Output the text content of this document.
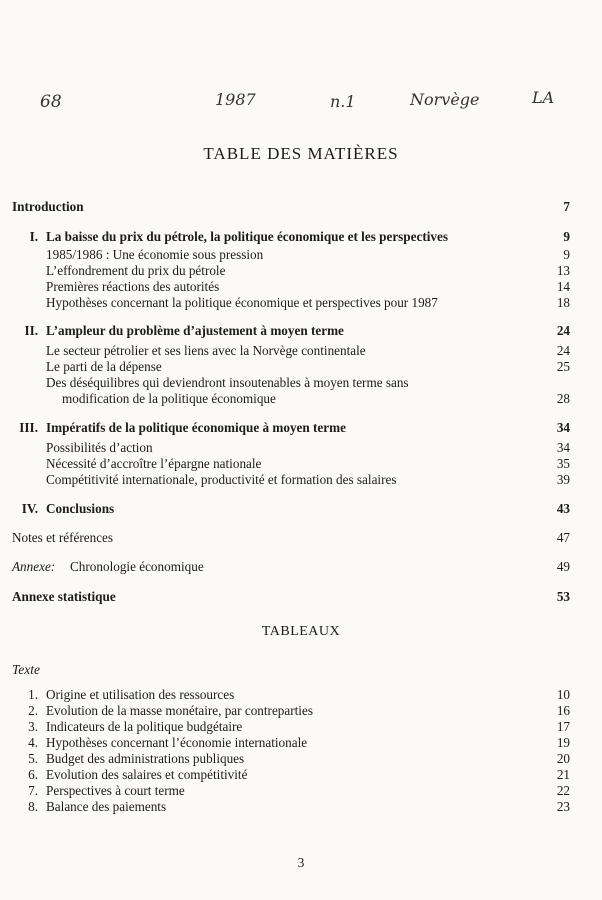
68	1987	n.1	Norvège	LA
TABLE DES MATIÈRES
Introduction	7
I. La baisse du prix du pétrole, la politique économique et les perspectives	9
1985/1986 : Une économie sous pression	9
L’effondrement du prix du pétrole	13
Premières réactions des autorités	14
Hypothèses concernant la politique économique et perspectives pour 1987	18
II. L’ampleur du problème d’ajustement à moyen terme	24
Le secteur pétrolier et ses liens avec la Norvège continentale	24
Le parti de la dépense	25
Des déséquilibres qui deviendront insoutenables à moyen terme sans
modification de la politique économique	28
III. Impératifs de la politique économique à moyen terme	34
Possibilités d’action	34
Nécessité d’accroître l’épargne nationale	35
Compétitivité internationale, productivité et formation des salaires	39
IV. Conclusions	43
Notes et références	47
Annexe: Chronologie économique	49
Annexe statistique	53
TABLEAUX
Texte
1. Origine et utilisation des ressources	10
2. Evolution de la masse monétaire, par contreparties	16
3. Indicateurs de la politique budgétaire	17
4. Hypothèses concernant l’économie internationale	19
5. Budget des administrations publiques	20
6. Evolution des salaires et compétitivité	21
7. Perspectives à court terme	22
8. Balance des paiements	23
3
